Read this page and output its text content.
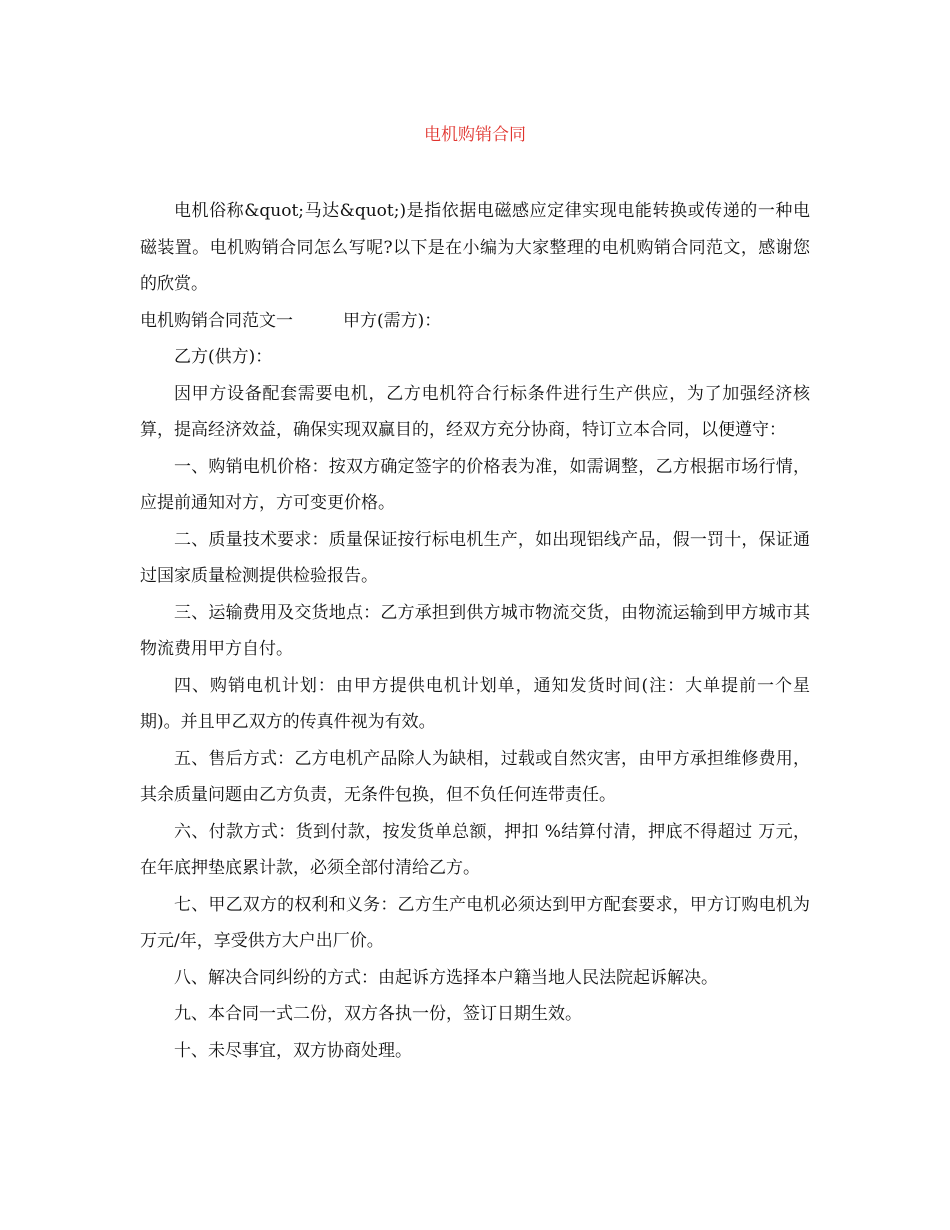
电机购销合同

电机俗称&quot;马达&quot;)是指依据电磁感应定律实现电能转换或传递的一种电磁装置。电机购销合同怎么写呢?以下是在小编为大家整理的电机购销合同范文，感谢您的欣赏。

电机购销合同范文一	甲方(需方)：

乙方(供方)：

因甲方设备配套需要电机，乙方电机符合行标条件进行生产供应，为了加强经济核算，提高经济效益，确保实现双赢目的，经双方充分协商，特订立本合同，以便遵守：

一、购销电机价格：按双方确定签字的价格表为准，如需调整，乙方根据市场行情，应提前通知对方，方可变更价格。

二、质量技术要求：质量保证按行标电机生产，如出现铝线产品，假一罚十，保证通过国家质量检测提供检验报告。

三、运输费用及交货地点：乙方承担到供方城市物流交货，由物流运输到甲方城市其物流费用甲方自付。

四、购销电机计划：由甲方提供电机计划单，通知发货时间(注：大单提前一个星期)。并且甲乙双方的传真件视为有效。

五、售后方式：乙方电机产品除人为缺相，过载或自然灾害，由甲方承担维修费用，其余质量问题由乙方负责，无条件包换，但不负任何连带责任。

六、付款方式：货到付款，按发货单总额，押扣 %结算付清，押底不得超过 万元，在年底押垫底累计款，必须全部付清给乙方。

七、甲乙双方的权利和义务：乙方生产电机必须达到甲方配套要求，甲方订购电机为 万元/年，享受供方大户出厂价。

八、解决合同纠纷的方式：由起诉方选择本户籍当地人民法院起诉解决。

九、本合同一式二份，双方各执一份，签订日期生效。

十、未尽事宜，双方协商处理。
